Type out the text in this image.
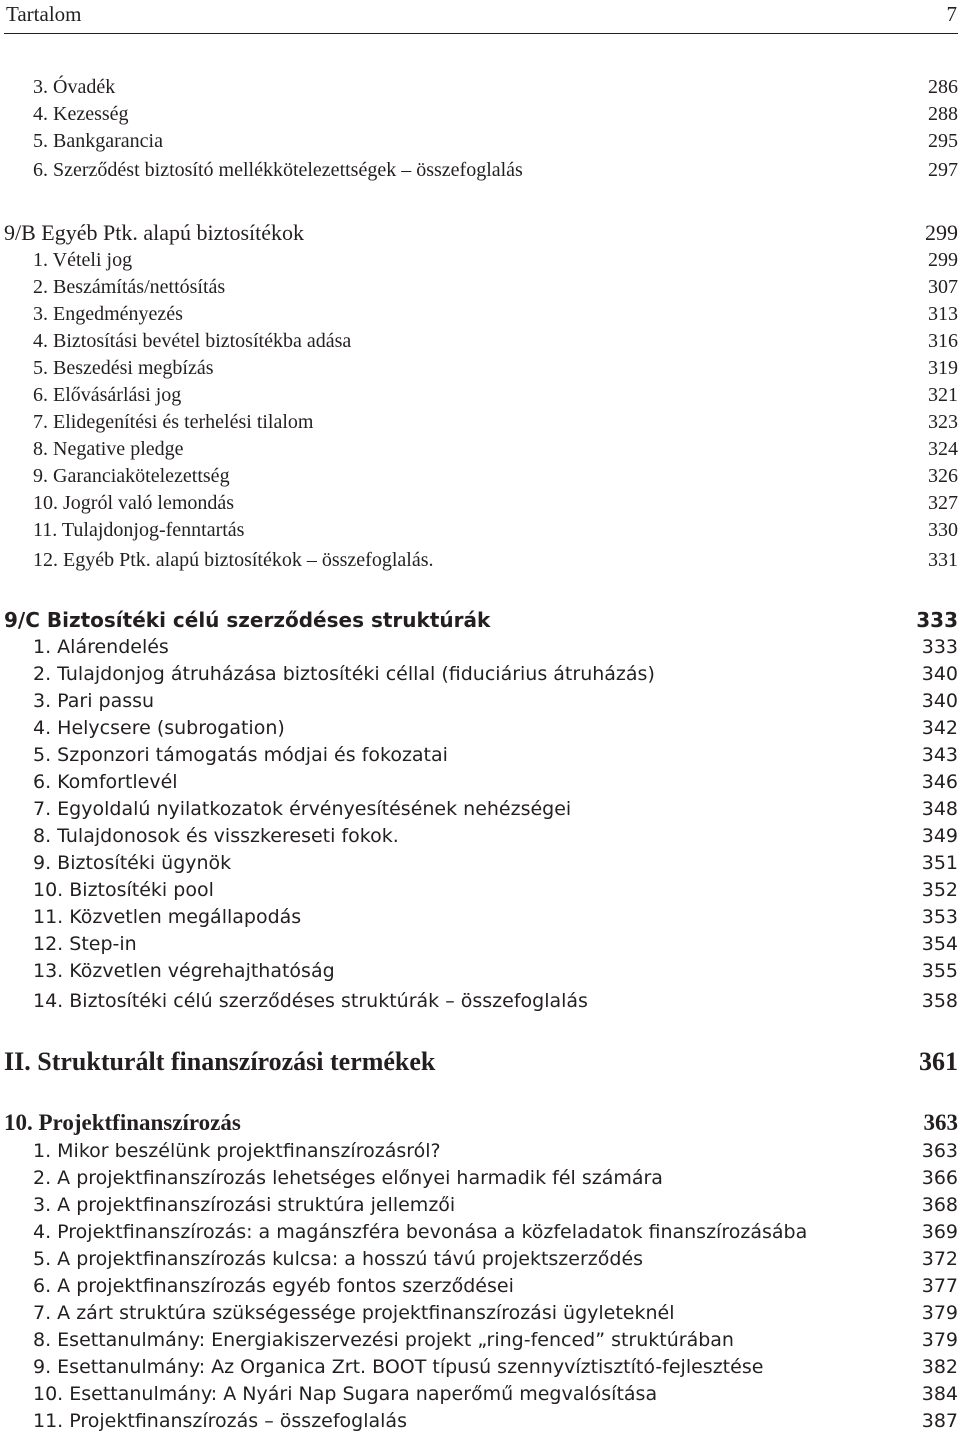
Tartalom	7
3. Óvadék	286
4. Kezesség	288
5. Bankgarancia	295
6. Szerződést biztosító mellékkötelezettségek – összefoglalás	297
9/B Egyéb Ptk. alapú biztosítékok	299
1. Vételi jog	299
2. Beszámítás/nettósítás	307
3. Engedményezés	313
4. Biztosítási bevétel biztosítékba adása	316
5. Beszedési megbízás	319
6. Elővásárlási jog	321
7. Elidegenítési és terhelési tilalom	323
8. Negative pledge	324
9. Garanciakötelezettség	326
10. Jogról való lemondás	327
11. Tulajdonjog-fenntartás	330
12. Egyéb Ptk. alapú biztosítékok – összefoglalás.	331
9/C Biztosítéki célú szerződéses struktúrák	333
1. Alárendelés	333
2. Tulajdonjog átruházása biztosítéki céllal (fiduciárius átruházás)	340
3. Pari passu	340
4. Helycsere (subrogation)	342
5. Szponzori támogatás módjai és fokozatai	343
6. Komfortlevél	346
7. Egyoldalú nyilatkozatok érvényesítésének nehézségei	348
8. Tulajdonosok és visszkereseti fokok.	349
9. Biztosítéki ügynök	351
10. Biztosítéki pool	352
11. Közvetlen megállapodás	353
12. Step-in	354
13. Közvetlen végrehajthatóság	355
14. Biztosítéki célú szerződéses struktúrák – összefoglalás	358
II. Strukturált finanszírozási termékek	361
10. Projektfinanszírozás	363
1. Mikor beszélünk projektfinanszírozásról?	363
2. A projektfinanszírozás lehetséges előnyei harmadik fél számára	366
3. A projektfinanszírozási struktúra jellemzői	368
4. Projektfinanszírozás: a magánszféra bevonása a közfeladatok finanszírozásába	369
5. A projektfinanszírozás kulcsa: a hosszú távú projektszerződés	372
6. A projektfinanszírozás egyéb fontos szerződései	377
7. A zárt struktúra szükségessége projektfinanszírozási ügyleteknél	379
8. Esettanulmány: Energiakiszervezési projekt „ring-fenced” struktúrában	379
9. Esettanulmány: Az Organica Zrt. BOOT típusú szennyvíztisztító-fejlesztése	382
10. Esettanulmány: A Nyári Nap Sugara naperőmű megvalósítása	384
11. Projektfinanszírozás – összefoglalás	387
